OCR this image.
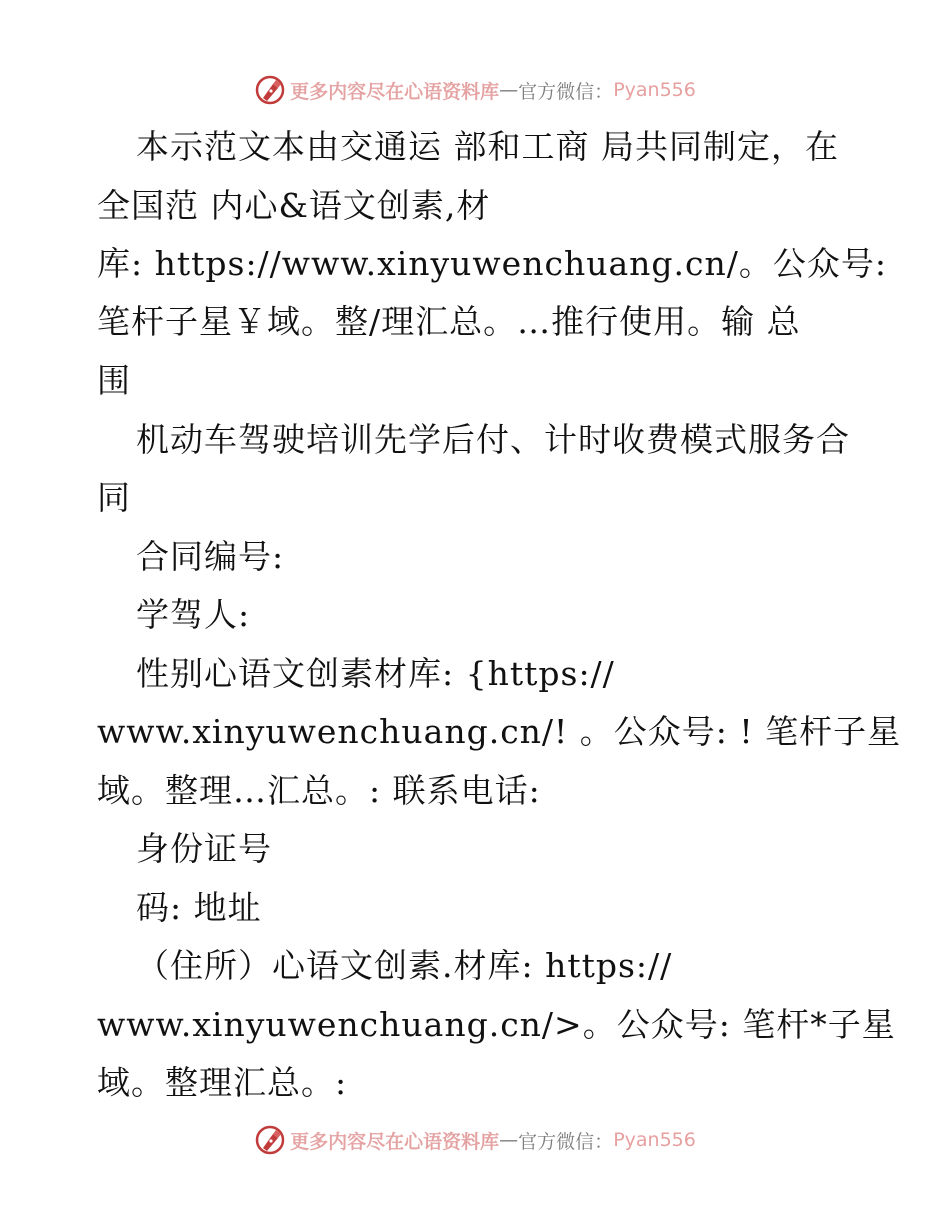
更多内容尽在心语资料库 — 官方微信： Pyan556
本示范文本由交通运 部和工商 局共同制定，在
全国范 内心&语文创素,材
库: https://www.xinyuwenchuang.cn/。公众号:
笔杆子星￥域。整/理汇总。…推行使用。输 总
围
机动车驾驶培训先学后付、计时收费模式服务合
同
合同编号:
学驾人:
性别心语文创素材库: {https://
www.xinyuwenchuang.cn/! 。公众号: ! 笔杆子星
域。整理…汇总。: 联系电话:
身份证号
码: 地址
（住所）心语文创素.材库: https://
www.xinyuwenchuang.cn/>。公众号: 笔杆*子星
域。整理汇总。:
更多内容尽在心语资料库 — 官方微信： Pyan556
